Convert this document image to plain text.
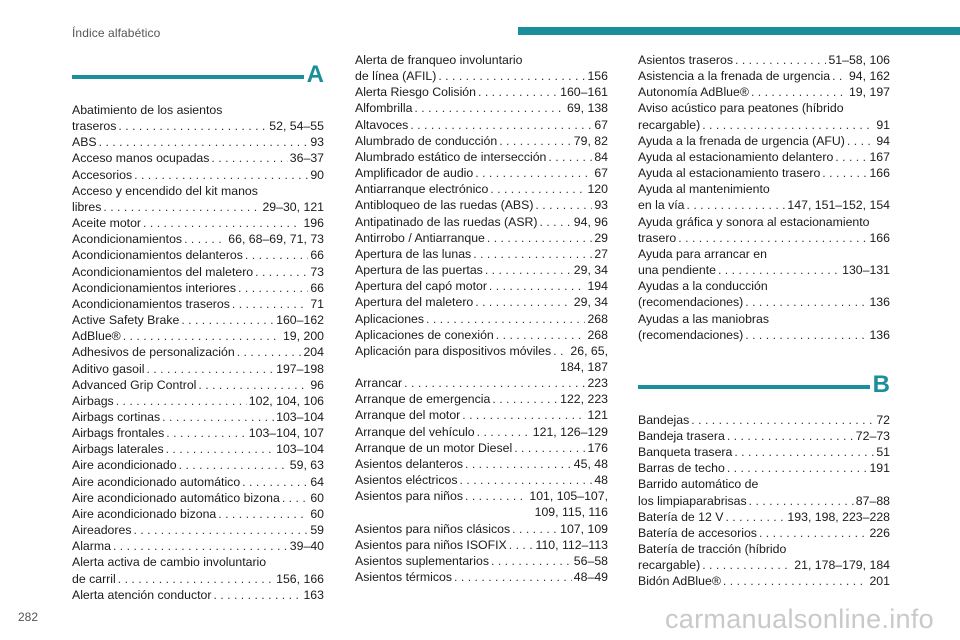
Índice alfabético
A
Abatimiento de los asientos
traseros . . .	52, 54–55
ABS . . .	93
Acceso manos ocupadas . . .	36–37
Accesorios . . .	90
Acceso y encendido del kit manos
libres . . .	29–30, 121
Aceite motor . . .	196
Acondicionamientos . . .	66, 68–69, 71, 73
Acondicionamientos delanteros . . .	66
Acondicionamientos del maletero . . .	73
Acondicionamientos interiores . . .	66
Acondicionamientos traseros . . .	71
Active Safety Brake . . .	160–162
AdBlue® . . .	19, 200
Adhesivos de personalización . . .	204
Aditivo gasoil . . .	197–198
Advanced Grip Control . . .	96
Airbags . . .	102, 104, 106
Airbags cortinas . . .	103–104
Airbags frontales . . .	103–104, 107
Airbags laterales . . .	103–104
Aire acondicionado . . .	59, 63
Aire acondicionado automático . . .	64
Aire acondicionado automático bizona . . . 60
Aire acondicionado bizona . . .	60
Aireadores . . .	59
Alarma . . .	39–40
Alerta activa de cambio involuntario
de carril . . .	156, 166
Alerta atención conductor . . .	163
Alerta de franqueo involuntario
de línea (AFIL) . . .	156
Alerta Riesgo Colisión . . .	160–161
Alfombrilla . . .	69, 138
Altavoces . . .	67
Alumbrado de conducción . . .	79, 82
Alumbrado estático de intersección . . .	84
Amplificador de audio . . .	67
Antiarranque electrónico . . .	120
Antibloqueo de las ruedas (ABS) . . .	93
Antipatinado de las ruedas (ASR) . . .	94, 96
Antirrobo / Antiarranque . . .	29
Apertura de las lunas . . .	27
Apertura de las puertas . . .	29, 34
Apertura del capó motor . . .	194
Apertura del maletero . . .	29, 34
Aplicaciones . . .	268
Aplicaciones de conexión . . .	268
Aplicación para dispositivos móviles . . . 26, 65,
184, 187
Arrancar . . .	223
Arranque de emergencia . . .	122, 223
Arranque del motor . . .	121
Arranque del vehículo . . .	121, 126–129
Arranque de un motor Diesel . . .	176
Asientos delanteros . . .	45, 48
Asientos eléctricos . . .	48
Asientos para niños . . .	101, 105–107,
109, 115, 116
Asientos para niños clásicos . . .	107, 109
Asientos para niños ISOFIX . . . 110, 112–113
Asientos suplementarios . . .	56–58
Asientos térmicos . . .	48–49
Asientos traseros . . .	51–58, 106
Asistencia a la frenada de urgencia . . . 94, 162
Autonomía AdBlue® . . .	19, 197
Aviso acústico para peatones (híbrido
recargable) . . .	91
Ayuda a la frenada de urgencia (AFU) . . .	94
Ayuda al estacionamiento delantero . . .	167
Ayuda al estacionamiento trasero . . .	166
Ayuda al mantenimiento
en la vía . . .	147, 151–152, 154
Ayuda gráfica y sonora al estacionamiento
trasero . . .	166
Ayuda para arrancar en
una pendiente . . .	130–131
Ayudas a la conducción
(recomendaciones) . . .	136
Ayudas a las maniobras
(recomendaciones) . . .	136
B
Bandejas . . .	72
Bandeja trasera . . .	72–73
Banqueta trasera . . .	51
Barras de techo . . .	191
Barrido automático de
los limpiaparabrisas . . .	87–88
Batería de 12 V . . .	193, 198, 223–228
Batería de accesorios . . .	226
Batería de tracción (híbrido
recargable) . . .	21, 178–179, 184
Bidón AdBlue® . . .	201
282	carmanualsonline.info
